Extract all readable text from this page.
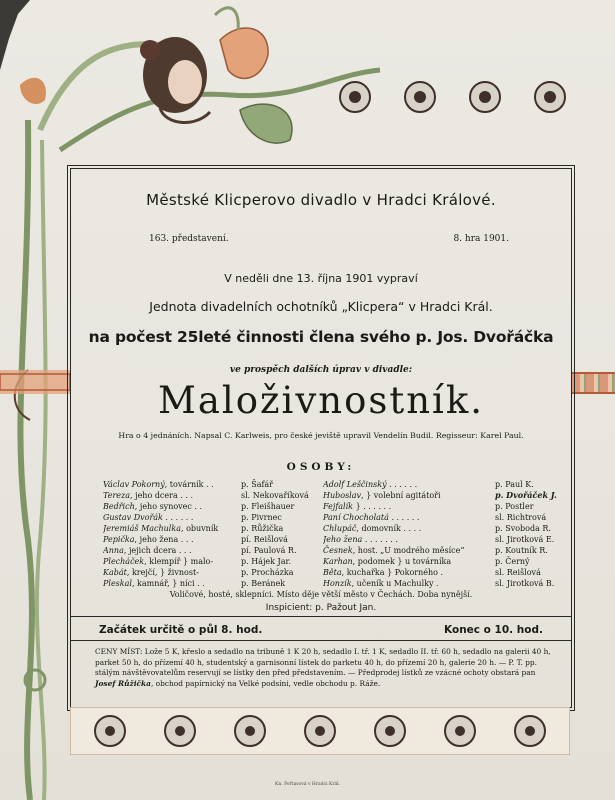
Městské Klicperovo divadlo v Hradci Králové.
163. představení.	8. hra 1901.
V neděli dne 13. října 1901 vypraví
Jednota divadelních ochotníků „Klicpera“ v Hradci Král.
na počest 25leté činnosti člena svého p. Jos. Dvořáčka
ve prospěch dalších úprav v divadle:
Maloživnostník.
Hra o 4 jednáních. Napsal C. Karlweis, pro české jeviště upravil Vendelín Budil. Regisseur: Karel Paul.
OSOBY:
Václav Pokorný, továrník . .	p. Šafář
Tereza, jeho dcera . . .	sl. Nekovaříková
Bedřich, jeho synovec . .	p. Fleišhauer
Gustav Dvořák . . . . . .	p. Pivrnec
Jeremiáš Machulka, obuvník	p. Růžička
Pepička, jeho žena . . .	pí. Reišlová
Anna, jejich dcera . . .	pí. Paulová R.
Plecháček, klempíř } malo-	p. Hájek Jar.
Kabát, krejčí, } živnost-	p. Procházka
Pleskal, kamnář, } níci . .	p. Beránek
Adolf Leščinský . . . . . .	p. Paul K.
Huboslav, } volební agitátoři	p. Dvořáček J.
Fejfalík } . . . . . .	p. Postler
Paní Chocholatá . . . . . .	sl. Richtrová
Chlupáč, domovník . . . .	p. Svoboda R.
Jeho žena . . . . . . .	sl. Jirotková E.
Česnek, host. „U modrého měsíce“	p. Koutník R.
Karhan, podomek } u továrníka	p. Černý
Běta, kuchařka } Pokorného .	sl. Reišlová
Honzík, učeník u Machulky .	sl. Jirotková B.
Voličové, hosté, sklepníci. Místo děje větší město v Čechách. Doba nynější.
Inspicient: p. Pažout Jan.
Začátek určitě o půl 8. hod.	Konec o 10. hod.
CENY MÍST: Lože 5 K, křeslo a sedadlo na tribuně 1 K 20 h, sedadlo I. tř. 1 K, sedadlo II. tř. 60 h, sedadlo na galerii 40 h, parket 50 h, do přízemí 40 h, studentský a garnisonní lístek do parketu 40 h, do přízemí 20 h, galerie 20 h. — P. T. pp. stálým návštěvovatelům reservují se lístky den před představením. — Předprodej lístků ze vzácné ochoty obstará pan Josef Růžička, obchod papírnický na Velké podsíni, vedle obchodu p. Ráže.
Kn. Pořtasová v Hradci Král.
